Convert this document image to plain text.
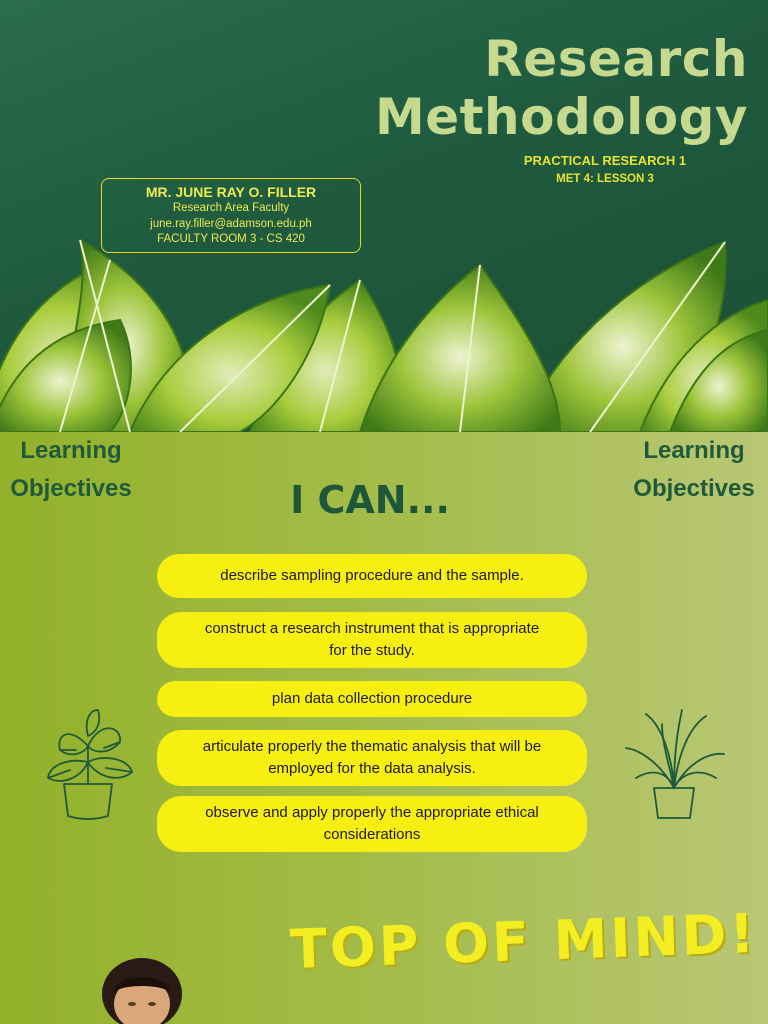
Research
Methodology
PRACTICAL RESEARCH 1
MET 4: LESSON 3
MR. JUNE RAY O. FILLER
Research Area Faculty
june.ray.filler@adamson.edu.ph
FACULTY ROOM 3 - CS 420
Learning
Objectives
Learning
Objectives
I CAN...
describe sampling procedure and the sample.
construct a research instrument that is appropriate
for the study.
plan data collection procedure
articulate properly the thematic analysis that will be
employed for the data analysis.
observe and apply properly the appropriate ethical
considerations
TOP OF MIND!
